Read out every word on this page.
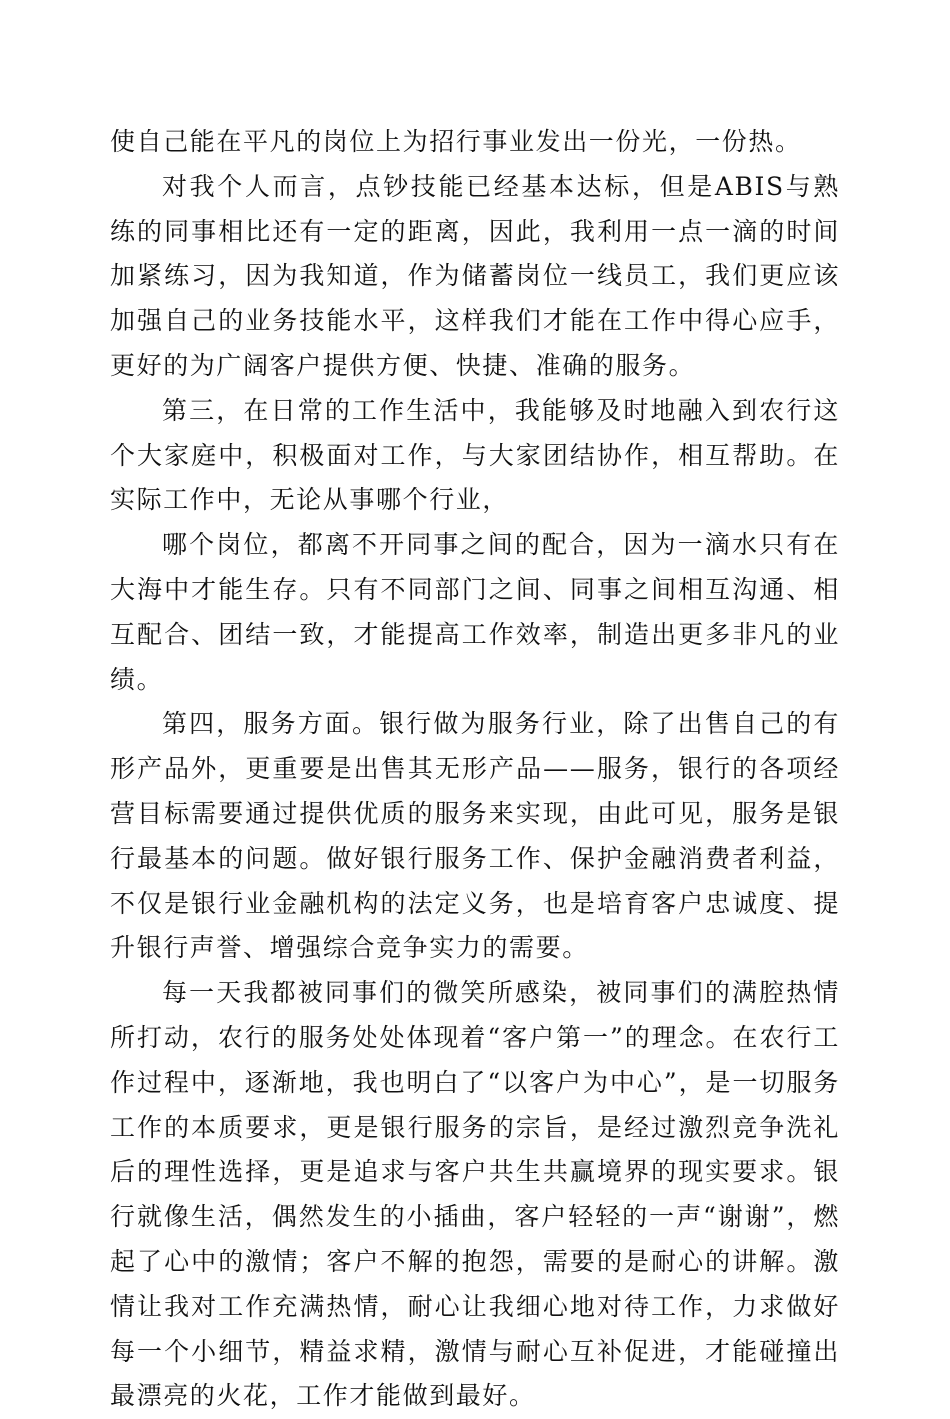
使自己能在平凡的岗位上为招行事业发出一份光，一份热。

对我个人而言，点钞技能已经基本达标，但是ABIS与熟练的同事相比还有一定的距离，因此，我利用一点一滴的时间加紧练习，因为我知道，作为储蓄岗位一线员工，我们更应该加强自己的业务技能水平，这样我们才能在工作中得心应手，更好的为广阔客户提供方便、快捷、准确的服务。

第三，在日常的工作生活中，我能够及时地融入到农行这个大家庭中，积极面对工作，与大家团结协作，相互帮助。在实际工作中，无论从事哪个行业，

哪个岗位，都离不开同事之间的配合，因为一滴水只有在大海中才能生存。只有不同部门之间、同事之间相互沟通、相互配合、团结一致，才能提高工作效率，制造出更多非凡的业绩。

第四，服务方面。银行做为服务行业，除了出售自己的有形产品外，更重要是出售其无形产品——服务，银行的各项经营目标需要通过提供优质的服务来实现，由此可见，服务是银行最基本的问题。做好银行服务工作、保护金融消费者利益，不仅是银行业金融机构的法定义务，也是培育客户忠诚度、提升银行声誉、增强综合竞争实力的需要。

每一天我都被同事们的微笑所感染，被同事们的满腔热情所打动，农行的服务处处体现着“客户第一”的理念。在农行工作过程中，逐渐地，我也明白了“以客户为中心”，是一切服务工作的本质要求，更是银行服务的宗旨，是经过激烈竞争洗礼后的理性选择，更是追求与客户共生共赢境界的现实要求。银行就像生活，偶然发生的小插曲，客户轻轻的一声“谢谢”，燃起了心中的激情；客户不解的抱怨，需要的是耐心的讲解。激情让我对工作充满热情，耐心让我细心地对待工作，力求做好每一个小细节，精益求精，激情与耐心互补促进，才能碰撞出最漂亮的火花，工作才能做到最好。
